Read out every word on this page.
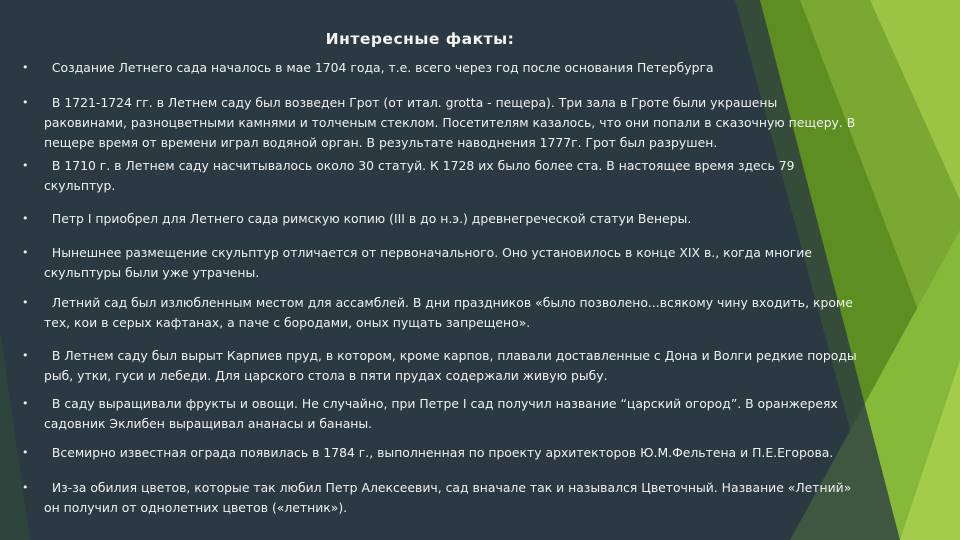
Интересные факты:
• Создание Летнего сада началось в мае 1704 года, т.е. всего через год после основания Петербурга
• В 1721-1724 гг. в Летнем саду был возведен Грот (от итал. grotta - пещера). Три зала в Гроте были украшены
раковинами, разноцветными камнями и толченым стеклом. Посетителям казалось, что они попали в сказочную пещеру. В
пещере время от времени играл водяной орган. В результате наводнения 1777г. Грот был разрушен.
• В 1710 г. в Летнем саду насчитывалось около 30 статуй. К 1728 их было более ста. В настоящее время здесь 79
скульптур.
• Петр I приобрел для Летнего сада римскую копию (III в до н.э.) древнегреческой статуи Венеры.
• Нынешнее размещение скульптур отличается от первоначального. Оно установилось в конце XIX в., когда многие
скульптуры были уже утрачены.
• Летний сад был излюбленным местом для ассамблей. В дни праздников «было позволено...всякому чину входить, кроме
тех, кои в серых кафтанах, а паче с бородами, оных пущать запрещено».
• В Летнем саду был вырыт Карпиев пруд, в котором, кроме карпов, плавали доставленные с Дона и Волги редкие породы
рыб, утки, гуси и лебеди. Для царского стола в пяти прудах содержали живую рыбу.
• В саду выращивали фрукты и овощи. Не случайно, при Петре I сад получил название “царский огород”. В оранжереях
садовник Эклибен выращивал ананасы и бананы.
• Всемирно известная ограда появилась в 1784 г., выполненная по проекту архитекторов Ю.М.Фельтена и П.Е.Егорова.
• Из-за обилия цветов, которые так любил Петр Алексеевич, сад вначале так и назывался Цветочный. Название «Летний»
он получил от однолетних цветов («летник»).
